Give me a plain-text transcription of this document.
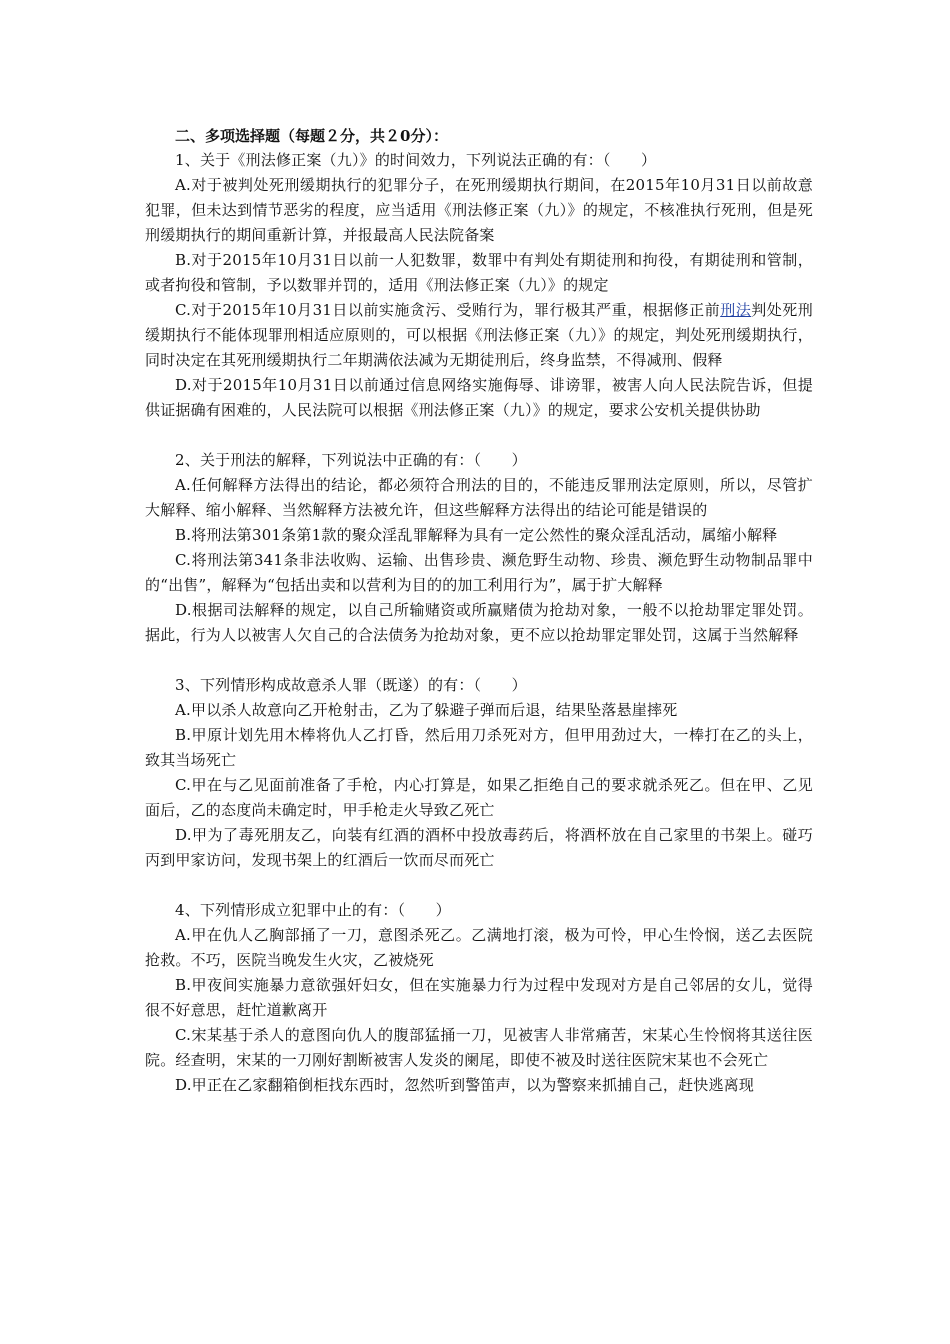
二、多项选择题（每题２分，共２0分）：

1、关于《刑法修正案（九）》的时间效力，下列说法正确的有：（　　）

A.对于被判处死刑缓期执行的犯罪分子，在死刑缓期执行期间，在2015年10月31日以前故意犯罪，但未达到情节恶劣的程度，应当适用《刑法修正案（九）》的规定，不核准执行死刑，但是死刑缓期执行的期间重新计算，并报最高人民法院备案

B.对于2015年10月31日以前一人犯数罪，数罪中有判处有期徒刑和拘役，有期徒刑和管制，或者拘役和管制，予以数罪并罚的，适用《刑法修正案（九）》的规定

C.对于2015年10月31日以前实施贪污、受贿行为，罪行极其严重，根据修正前刑法判处死刑缓期执行不能体现罪刑相适应原则的，可以根据《刑法修正案（九）》的规定，判处死刑缓期执行，同时决定在其死刑缓期执行二年期满依法减为无期徒刑后，终身监禁，不得减刑、假释

D.对于2015年10月31日以前通过信息网络实施侮辱、诽谤罪，被害人向人民法院告诉，但提供证据确有困难的，人民法院可以根据《刑法修正案（九）》的规定，要求公安机关提供协助

2、关于刑法的解释，下列说法中正确的有：（　　）

A.任何解释方法得出的结论，都必须符合刑法的目的，不能违反罪刑法定原则，所以，尽管扩大解释、缩小解释、当然解释方法被允许，但这些解释方法得出的结论可能是错误的

B.将刑法第301条第1款的聚众淫乱罪解释为具有一定公然性的聚众淫乱活动，属缩小解释

C.将刑法第341条非法收购、运输、出售珍贵、濒危野生动物、珍贵、濒危野生动物制品罪中的“出售”，解释为“包括出卖和以营利为目的的加工利用行为”，属于扩大解释

D.根据司法解释的规定，以自己所输赌资或所赢赌债为抢劫对象，一般不以抢劫罪定罪处罚。据此，行为人以被害人欠自己的合法债务为抢劫对象，更不应以抢劫罪定罪处罚，这属于当然解释

3、下列情形构成故意杀人罪（既遂）的有：（　　）

A.甲以杀人故意向乙开枪射击，乙为了躲避子弹而后退，结果坠落悬崖摔死

B.甲原计划先用木棒将仇人乙打昏，然后用刀杀死对方，但甲用劲过大，一棒打在乙的头上，致其当场死亡

C.甲在与乙见面前准备了手枪，内心打算是，如果乙拒绝自己的要求就杀死乙。但在甲、乙见面后，乙的态度尚未确定时，甲手枪走火导致乙死亡

D.甲为了毒死朋友乙，向装有红酒的酒杯中投放毒药后，将酒杯放在自己家里的书架上。碰巧丙到甲家访问，发现书架上的红酒后一饮而尽而死亡

4、下列情形成立犯罪中止的有：（　　）

A.甲在仇人乙胸部捅了一刀，意图杀死乙。乙满地打滚，极为可怜，甲心生怜悯，送乙去医院抢救。不巧，医院当晚发生火灾，乙被烧死

B.甲夜间实施暴力意欲强奸妇女，但在实施暴力行为过程中发现对方是自己邻居的女儿，觉得很不好意思，赶忙道歉离开

C.宋某基于杀人的意图向仇人的腹部猛捅一刀，见被害人非常痛苦，宋某心生怜悯将其送往医院。经查明，宋某的一刀刚好割断被害人发炎的阑尾，即使不被及时送往医院宋某也不会死亡

D.甲正在乙家翻箱倒柜找东西时，忽然听到警笛声，以为警察来抓捕自己，赶快逃离现
